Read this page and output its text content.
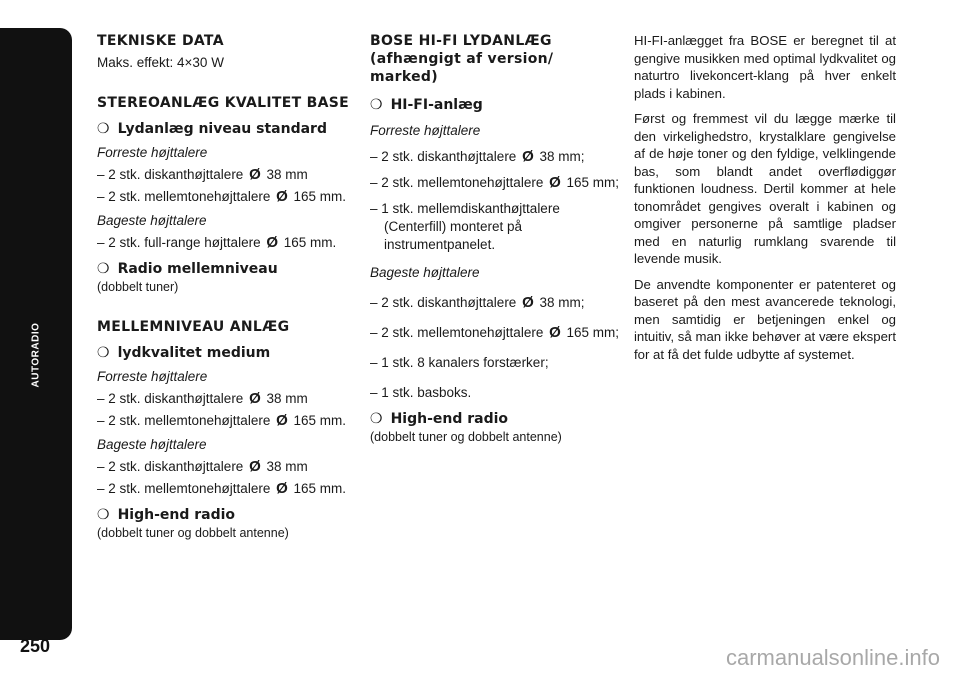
AUTORADIO
250

TEKNISKE DATA

Maks. effekt: 4×30 W

STEREOANLÆG KVALITET BASE

❍ Lydanlæg niveau standard

Forreste højttalere

– 2 stk. diskanthøjttalere Ø 38 mm

– 2 stk. mellemtonehøjttalere Ø 165 mm.

Bageste højttalere

– 2 stk. full-range højttalere Ø 165 mm.

❍ Radio mellemniveau

(dobbelt tuner)

MELLEMNIVEAU ANLÆG

❍ lydkvalitet medium

Forreste højttalere

– 2 stk. diskanthøjttalere Ø 38 mm

– 2 stk. mellemtonehøjttalere Ø 165 mm.

Bageste højttalere

– 2 stk. diskanthøjttalere Ø 38 mm

– 2 stk. mellemtonehøjttalere Ø 165 mm.

❍ High-end radio

(dobbelt tuner og dobbelt antenne)

BOSE HI-FI LYDANLÆG
(afhængigt af version/
marked)

❍ HI-FI-anlæg

Forreste højttalere

– 2 stk. diskanthøjttalere Ø 38 mm;

– 2 stk. mellemtonehøjttalere Ø 165 mm;

– 1 stk. mellemdiskanthøjttalere
(Centerfill) monteret på
instrumentpanelet.

Bageste højttalere

– 2 stk. diskanthøjttalere Ø 38 mm;

– 2 stk. mellemtonehøjttalere Ø 165 mm;

– 1 stk. 8 kanalers forstærker;

– 1 stk. basboks.

❍ High-end radio

(dobbelt tuner og dobbelt antenne)

HI-FI-anlægget fra BOSE er beregnet til at gengive musikken med optimal lydkvalitet og naturtro livekoncert-klang på hver enkelt plads i kabinen.

Først og fremmest vil du lægge mærke til den virkelighedstro, krystalklare gengivelse af de høje toner og den fyldige, velklingende bas, som blandt andet overflødiggør funktionen loudness. Dertil kommer at hele tonområdet gengives overalt i kabinen og omgiver personerne på samtlige pladser med en naturlig rumklang svarende til levende musik.

De anvendte komponenter er patenteret og baseret på den mest avancerede teknologi, men samtidig er betjeningen enkel og intuitiv, så man ikke behøver at være ekspert for at få det fulde udbytte af systemet.

carmanualsonline.info
